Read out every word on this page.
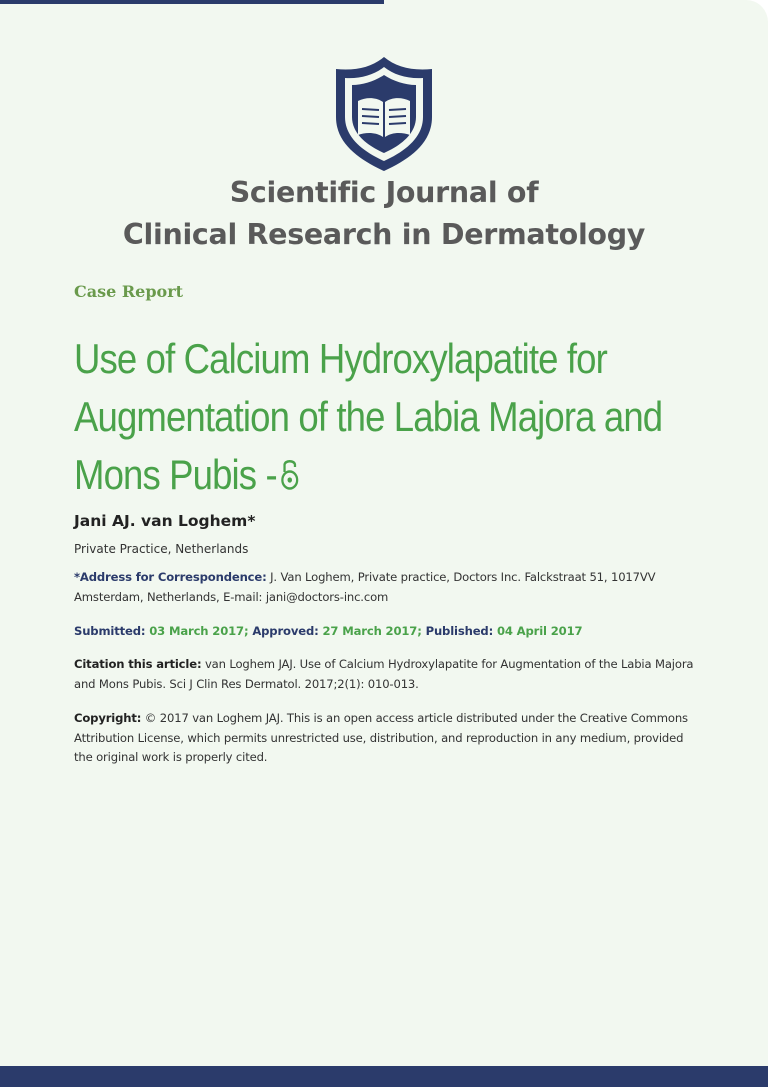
Scientific Journal of
Clinical Research in Dermatology
Case Report
Use of Calcium Hydroxylapatite for
Augmentation of the Labia Majora and
Mons Pubis -
Jani AJ. van Loghem*
Private Practice, Netherlands
*Address for Correspondence: J. Van Loghem, Private practice, Doctors Inc. Falckstraat 51, 1017VV Amsterdam, Netherlands, E-mail: jani@doctors-inc.com
Submitted: 03 March 2017; Approved: 27 March 2017; Published: 04 April 2017
Citation this article: van Loghem JAJ. Use of Calcium Hydroxylapatite for Augmentation of the Labia Majora and Mons Pubis. Sci J Clin Res Dermatol. 2017;2(1): 010-013.
Copyright: © 2017 van Loghem JAJ. This is an open access article distributed under the Creative Commons Attribution License, which permits unrestricted use, distribution, and reproduction in any medium, provided the original work is properly cited.
